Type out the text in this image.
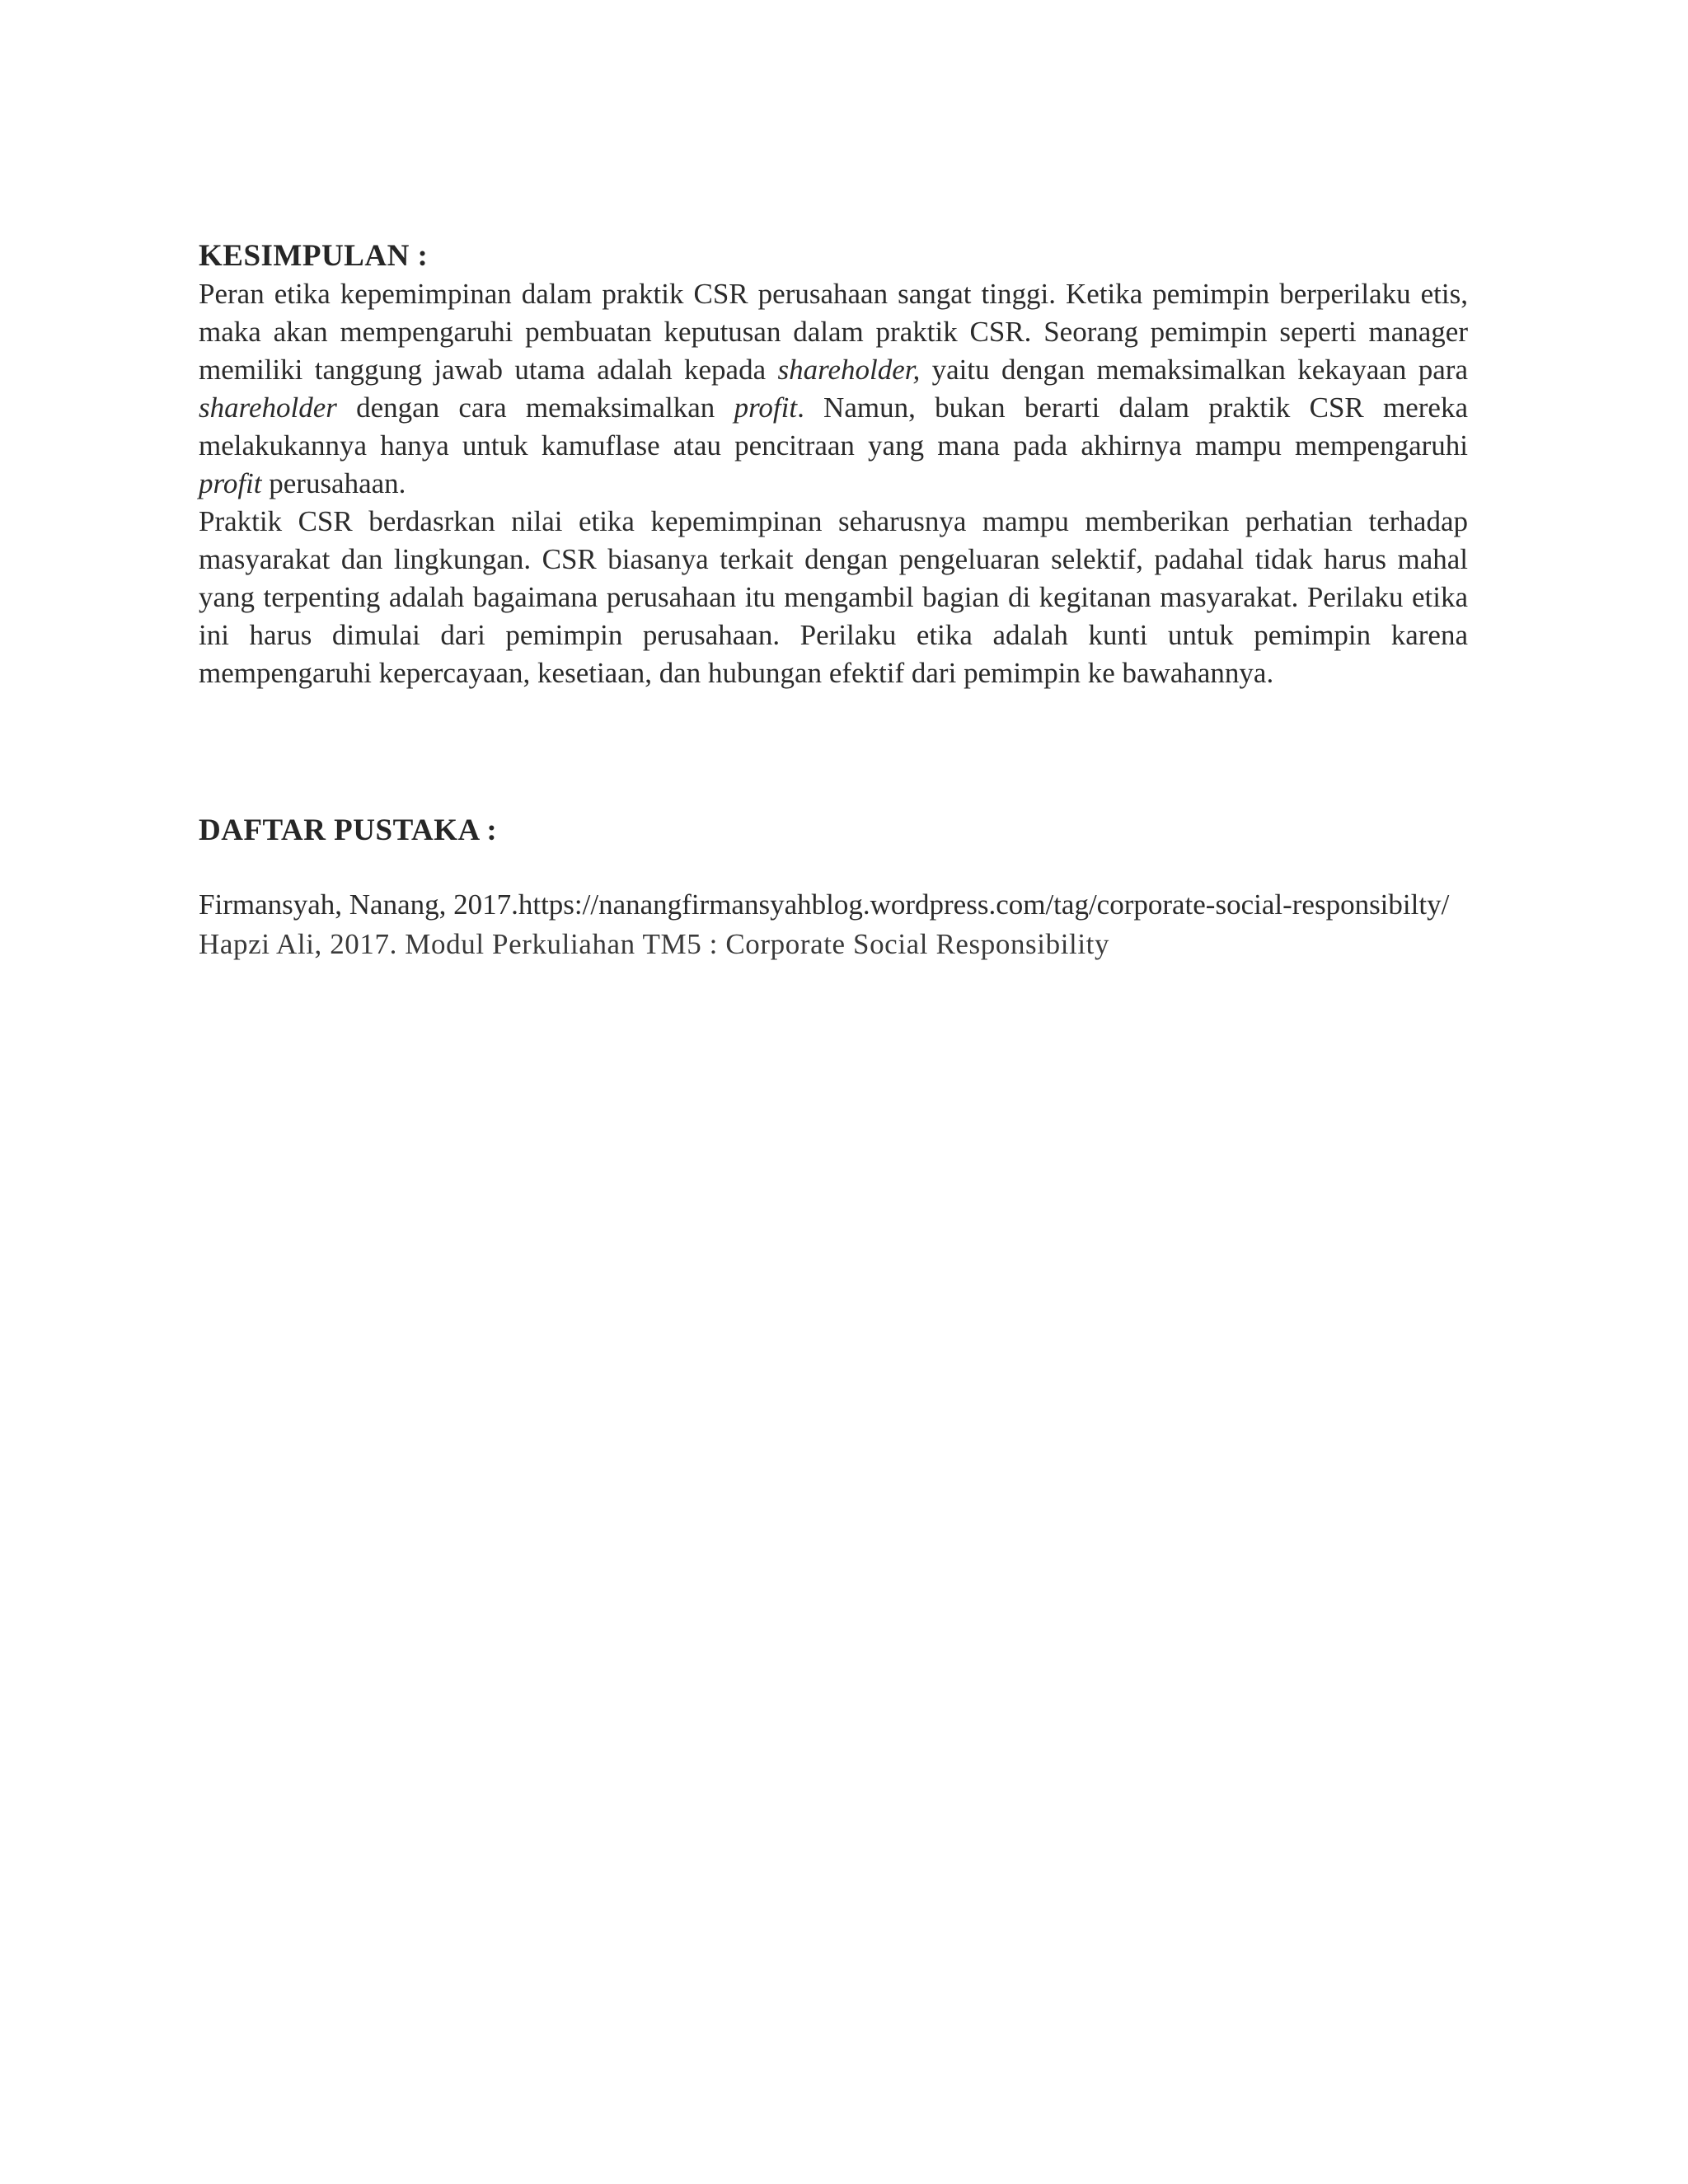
KESIMPULAN :

Peran etika kepemimpinan dalam praktik CSR perusahaan sangat tinggi. Ketika pemimpin berperilaku etis, maka akan mempengaruhi pembuatan keputusan dalam praktik CSR. Seorang pemimpin seperti manager memiliki tanggung jawab utama adalah kepada shareholder, yaitu dengan memaksimalkan kekayaan para shareholder dengan cara memaksimalkan profit. Namun, bukan berarti dalam praktik CSR mereka melakukannya hanya untuk kamuflase atau pencitraan yang mana pada akhirnya mampu mempengaruhi profit perusahaan.

Praktik CSR berdasrkan nilai etika kepemimpinan seharusnya mampu memberikan perhatian terhadap masyarakat dan lingkungan. CSR biasanya terkait dengan pengeluaran selektif, padahal tidak harus mahal yang terpenting adalah bagaimana perusahaan itu mengambil bagian di kegitanan masyarakat. Perilaku etika ini harus dimulai dari pemimpin perusahaan. Perilaku etika adalah kunti untuk pemimpin karena mempengaruhi kepercayaan, kesetiaan, dan hubungan efektif dari pemimpin ke bawahannya.

DAFTAR PUSTAKA :

Firmansyah, Nanang, 2017.https://nanangfirmansyahblog.wordpress.com/tag/corporate-social-responsibilty/

Hapzi Ali, 2017. Modul Perkuliahan TM5 : Corporate Social Responsibility
